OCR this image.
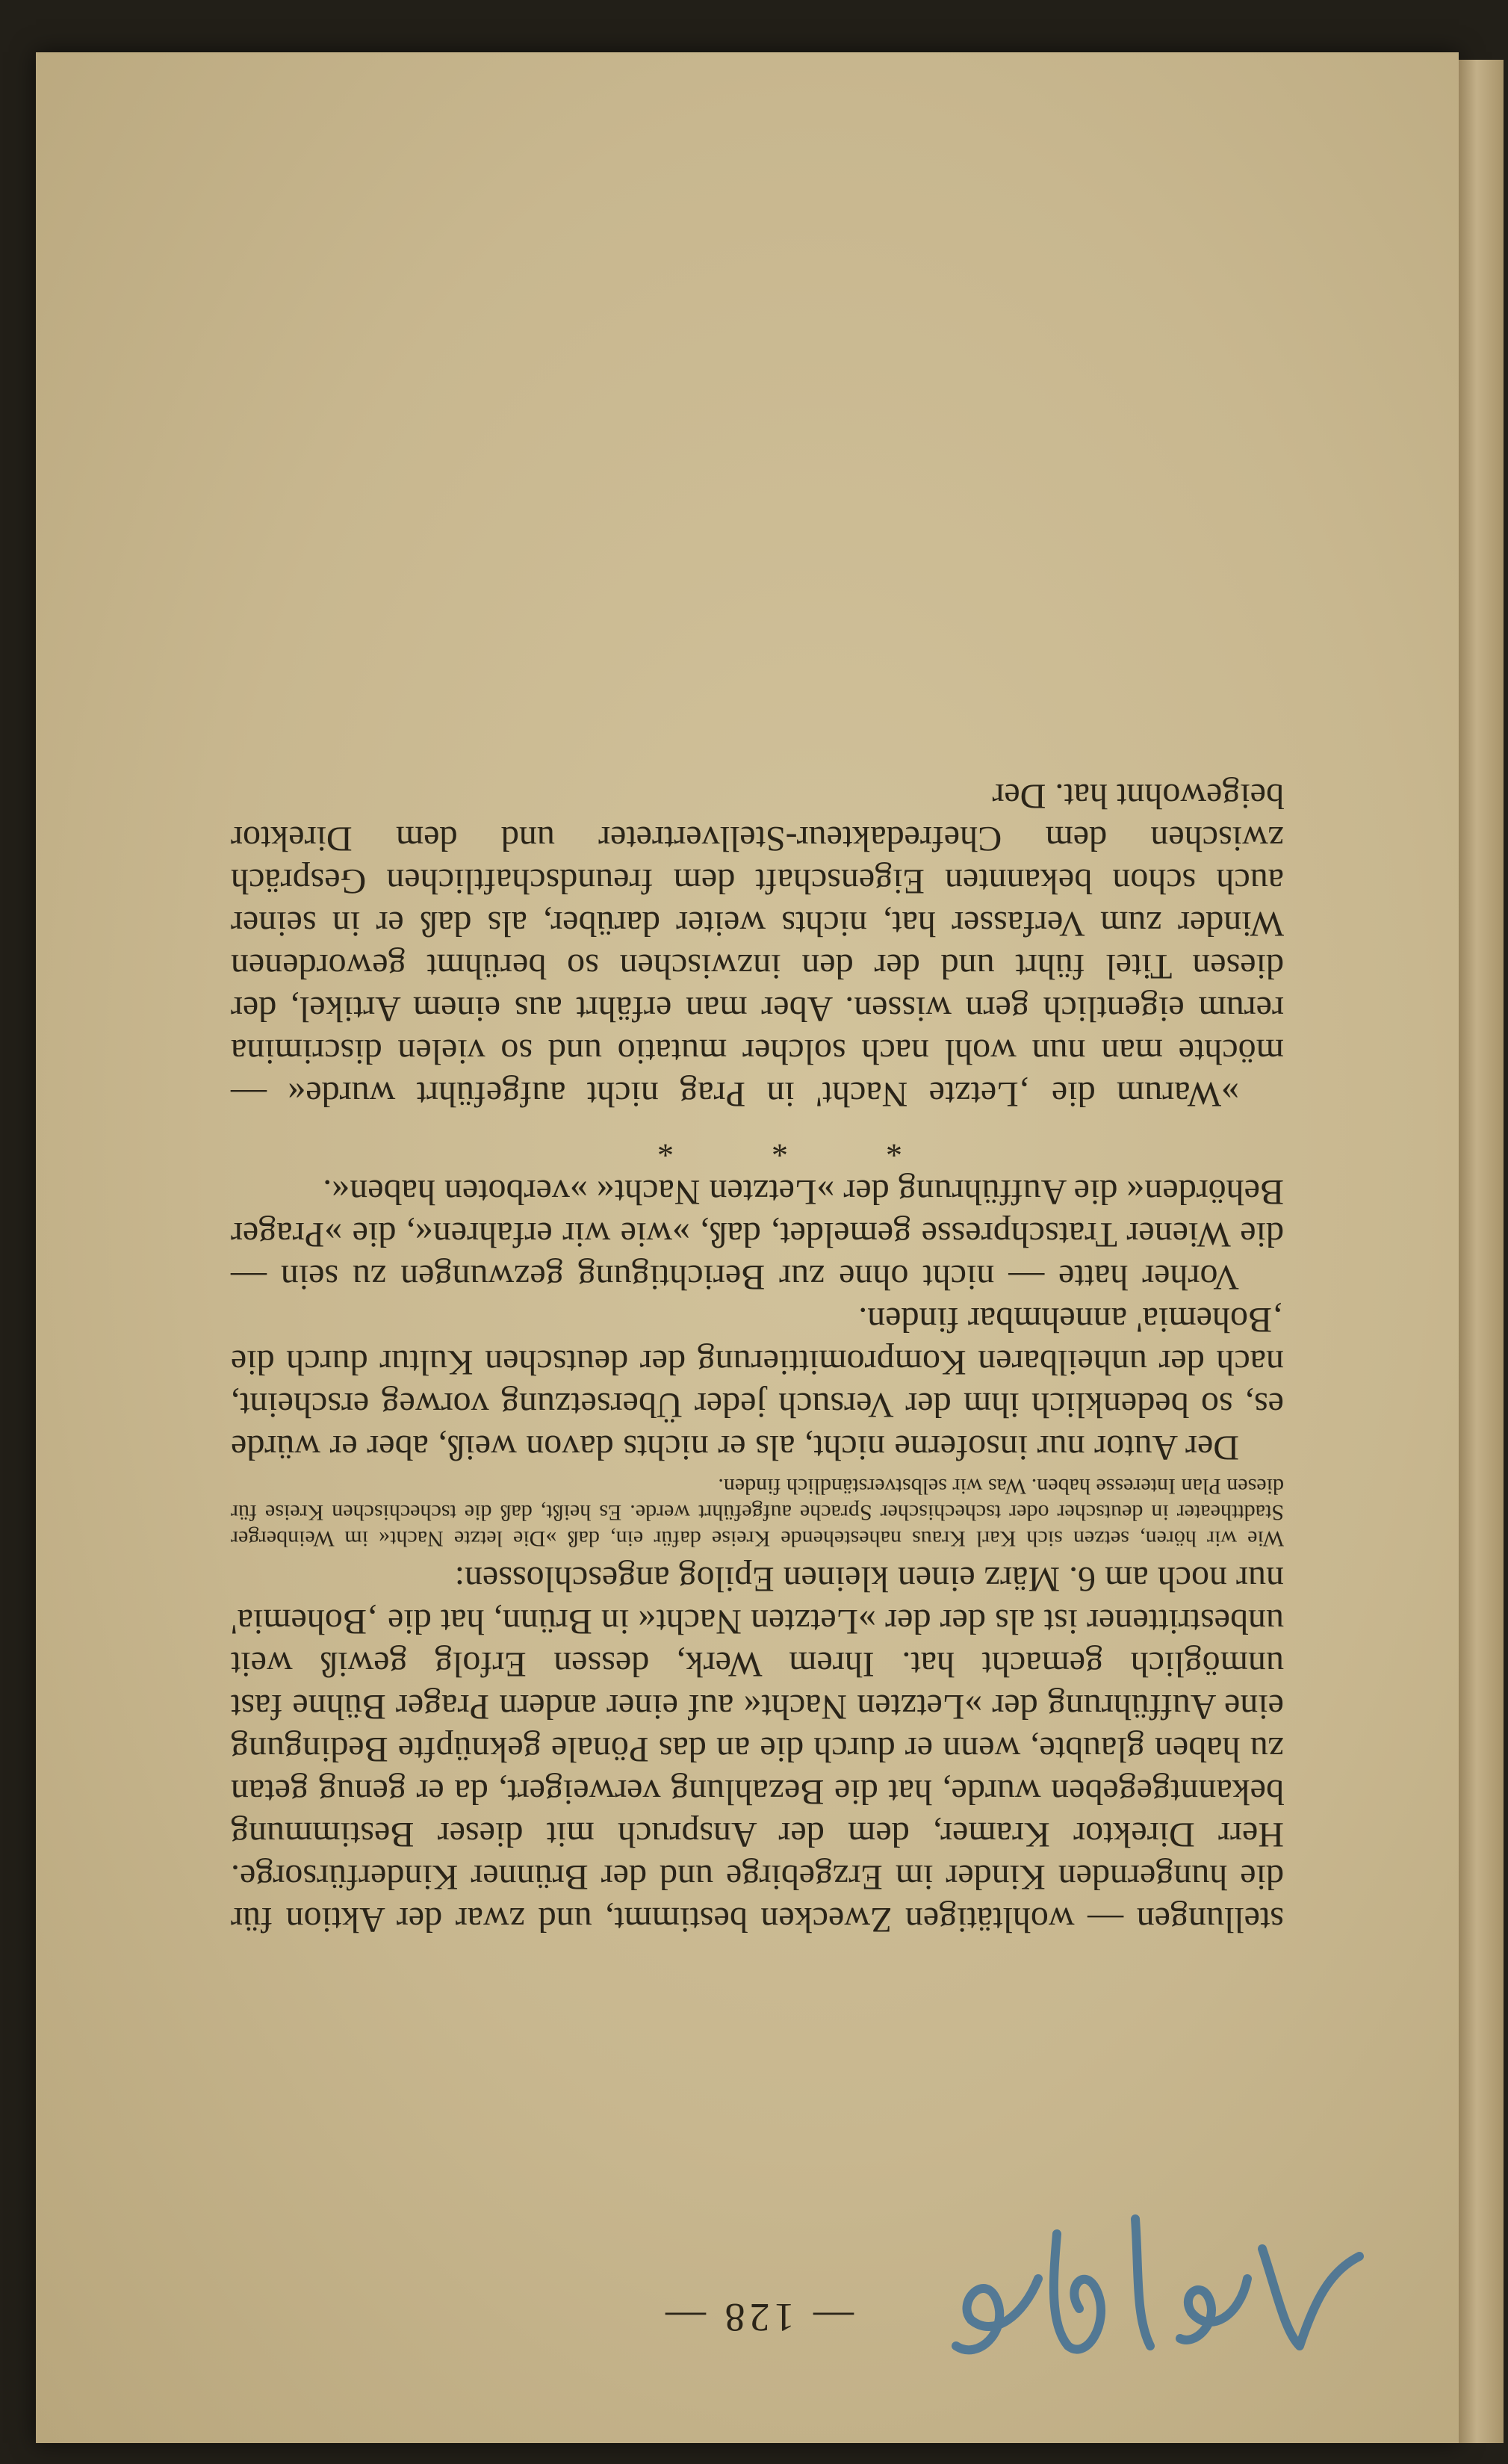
stellungen — wohltätigen Zwecken bestimmt, und zwar der Aktion für die hungernden Kinder im Erzgebirge und der Brünner Kinderfürsorge. Herr Direktor Kramer, dem der Anspruch mit dieser Bestimmung bekanntgegeben wurde, hat die Bezahlung verweigert, da er genug getan zu haben glaubte, wenn er durch die an das Pönale geknüpfte Bedingung eine Aufführung der »Letzten Nacht« auf einer andern Prager Bühne fast unmöglich gemacht hat. Ihrem Werk, dessen Erfolg gewiß weit unbestrittener ist als der der »Letzten Nacht« in Brünn, hat die ‚Bohemia' nur noch am 6. März einen kleinen Epilog angeschlossen:

Wie wir hören, setzen sich Karl Kraus nahestehende Kreise dafür ein, daß »Die letzte Nacht« im Weinberger Stadttheater in deutscher oder tschechischer Sprache aufgeführt werde. Es heißt, daß die tschechischen Kreise für diesen Plan Interesse haben. Was wir selbstverständlich finden.

Der Autor nur insoferne nicht, als er nichts davon weiß, aber er würde es, so bedenklich ihm der Versuch jeder Übersetzung vorweg erscheint, nach der unheilbaren Kompromittierung der deutschen Kultur durch die ‚Bohemia' annehmbar finden.

Vorher hatte — nicht ohne zur Berichtigung gezwungen zu sein — die Wiener Tratschpresse gemeldet, daß, »wie wir erfahren«, die »Prager Behörden« die Aufführung der »Letzten Nacht« »verboten haben«.

* * *

»Warum die ‚Letzte Nacht' in Prag nicht aufgeführt wurde« — möchte man nun wohl nach solcher mutatio und so vielen discrimina rerum eigentlich gern wissen. Aber man erfährt aus einem Artikel, der diesen Titel führt und der den inzwischen so berühmt gewordenen Winder zum Verfasser hat, nichts weiter darüber, als daß er in seiner auch schon bekannten Eigenschaft dem freundschaftlichen Gespräch zwischen dem Chefredakteur-Stellvertreter und dem Direktor beigewohnt hat. Der

— 128 —
